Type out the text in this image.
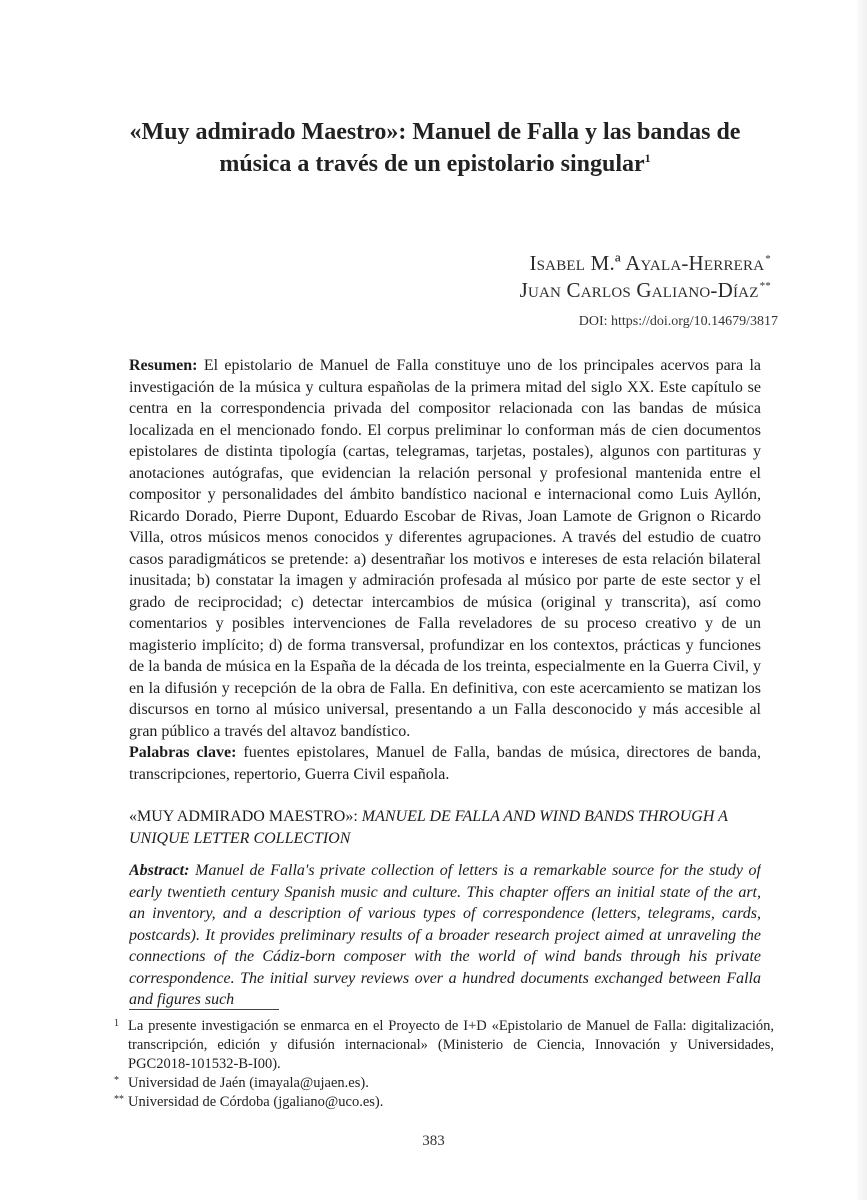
«Muy admirado Maestro»: Manuel de Falla y las bandas de música a través de un epistolario singular$^1$
Isabel M.ª Ayala-Herrera*
Juan Carlos Galiano-Díaz**
DOI: https://doi.org/10.14679/3817

Resumen: El epistolario de Manuel de Falla constituye uno de los principales acervos para la investigación de la música y cultura españolas de la primera mitad del siglo XX. Este capítulo se centra en la correspondencia privada del compositor relacionada con las bandas de música localizada en el mencionado fondo. El corpus preliminar lo conforman más de cien documentos epistolares de distinta tipología (cartas, telegramas, tarjetas, postales), algunos con partituras y anotaciones autógrafas, que evidencian la relación personal y profesional mantenida entre el compositor y personalidades del ámbito bandístico nacional e internacional como Luis Ayllón, Ricardo Dorado, Pierre Dupont, Eduardo Escobar de Rivas, Joan Lamote de Grignon o Ricardo Villa, otros músicos menos conocidos y diferentes agrupaciones. A través del estudio de cuatro casos paradigmáticos se pretende: a) desentrañar los motivos e intereses de esta relación bilateral inusitada; b) constatar la imagen y admiración profesada al músico por parte de este sector y el grado de reciprocidad; c) detectar intercambios de música (original y transcrita), así como comentarios y posibles intervenciones de Falla reveladores de su proceso creativo y de un magisterio implícito; d) de forma transversal, profundizar en los contextos, prácticas y funciones de la banda de música en la España de la década de los treinta, especialmente en la Guerra Civil, y en la difusión y recepción de la obra de Falla. En definitiva, con este acercamiento se matizan los discursos en torno al músico universal, presentando a un Falla desconocido y más accesible al gran público a través del altavoz bandístico.

Palabras clave: fuentes epistolares, Manuel de Falla, bandas de música, directores de banda, transcripciones, repertorio, Guerra Civil española.

«MUY ADMIRADO MAESTRO»: MANUEL DE FALLA AND WIND BANDS THROUGH A UNIQUE LETTER COLLECTION

Abstract: Manuel de Falla's private collection of letters is a remarkable source for the study of early twentieth century Spanish music and culture. This chapter offers an initial state of the art, an inventory, and a description of various types of correspondence (letters, telegrams, cards, postcards). It provides preliminary results of a broader research project aimed at unraveling the connections of the Cádiz-born composer with the world of wind bands through his private correspondence. The initial survey reviews over a hundred documents exchanged between Falla and figures such

1 La presente investigación se enmarca en el Proyecto de I+D «Epistolario de Manuel de Falla: digitalización, transcripción, edición y difusión internacional» (Ministerio de Ciencia, Innovación y Universidades, PGC2018-101532-B-I00).
* Universidad de Jaén (imayala@ujaen.es).
** Universidad de Córdoba (jgaliano@uco.es).
383
